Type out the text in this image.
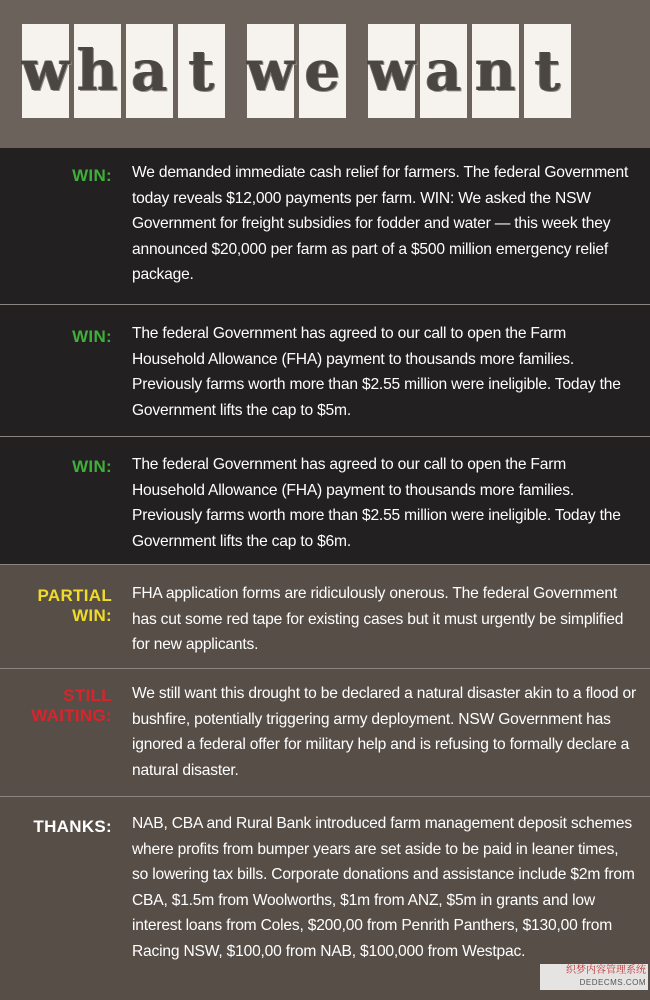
w h a t w e w a n t
WIN: We demanded immediate cash relief for farmers. The federal Government today reveals $12,000 payments per farm. WIN: We asked the NSW Government for freight subsidies for fodder and water — this week they announced $20,000 per farm as part of a $500 million emergency relief package.
WIN: The federal Government has agreed to our call to open the Farm Household Allowance (FHA) payment to thousands more families. Previously farms worth more than $2.55 million were ineligible. Today the Government lifts the cap to $5m.
WIN: The federal Government has agreed to our call to open the Farm Household Allowance (FHA) payment to thousands more families. Previously farms worth more than $2.55 million were ineligible. Today the Government lifts the cap to $6m.
PARTIAL
WIN:
FHA application forms are ridiculously onerous. The federal Government has cut some red tape for existing cases but it must urgently be simplified for new applicants.
STILL
WAITING:
We still want this drought to be declared a natural disaster akin to a flood or bushfire, potentially triggering army deployment. NSW Government has ignored a federal offer for military help and is refusing to formally declare a natural disaster.
THANKS: NAB, CBA and Rural Bank introduced farm management deposit schemes where profits from bumper years are set aside to be paid in leaner times, so lowering tax bills. Corporate donations and assistance include $2m from CBA, $1.5m from Woolworths, $1m from ANZ, $5m in grants and low interest loans from Coles, $200,00 from Penrith Panthers, $130,00 from Racing NSW, $100,00 from NAB, $100,000 from Westpac.
织梦内容管理系统
DEDECMS.COM
